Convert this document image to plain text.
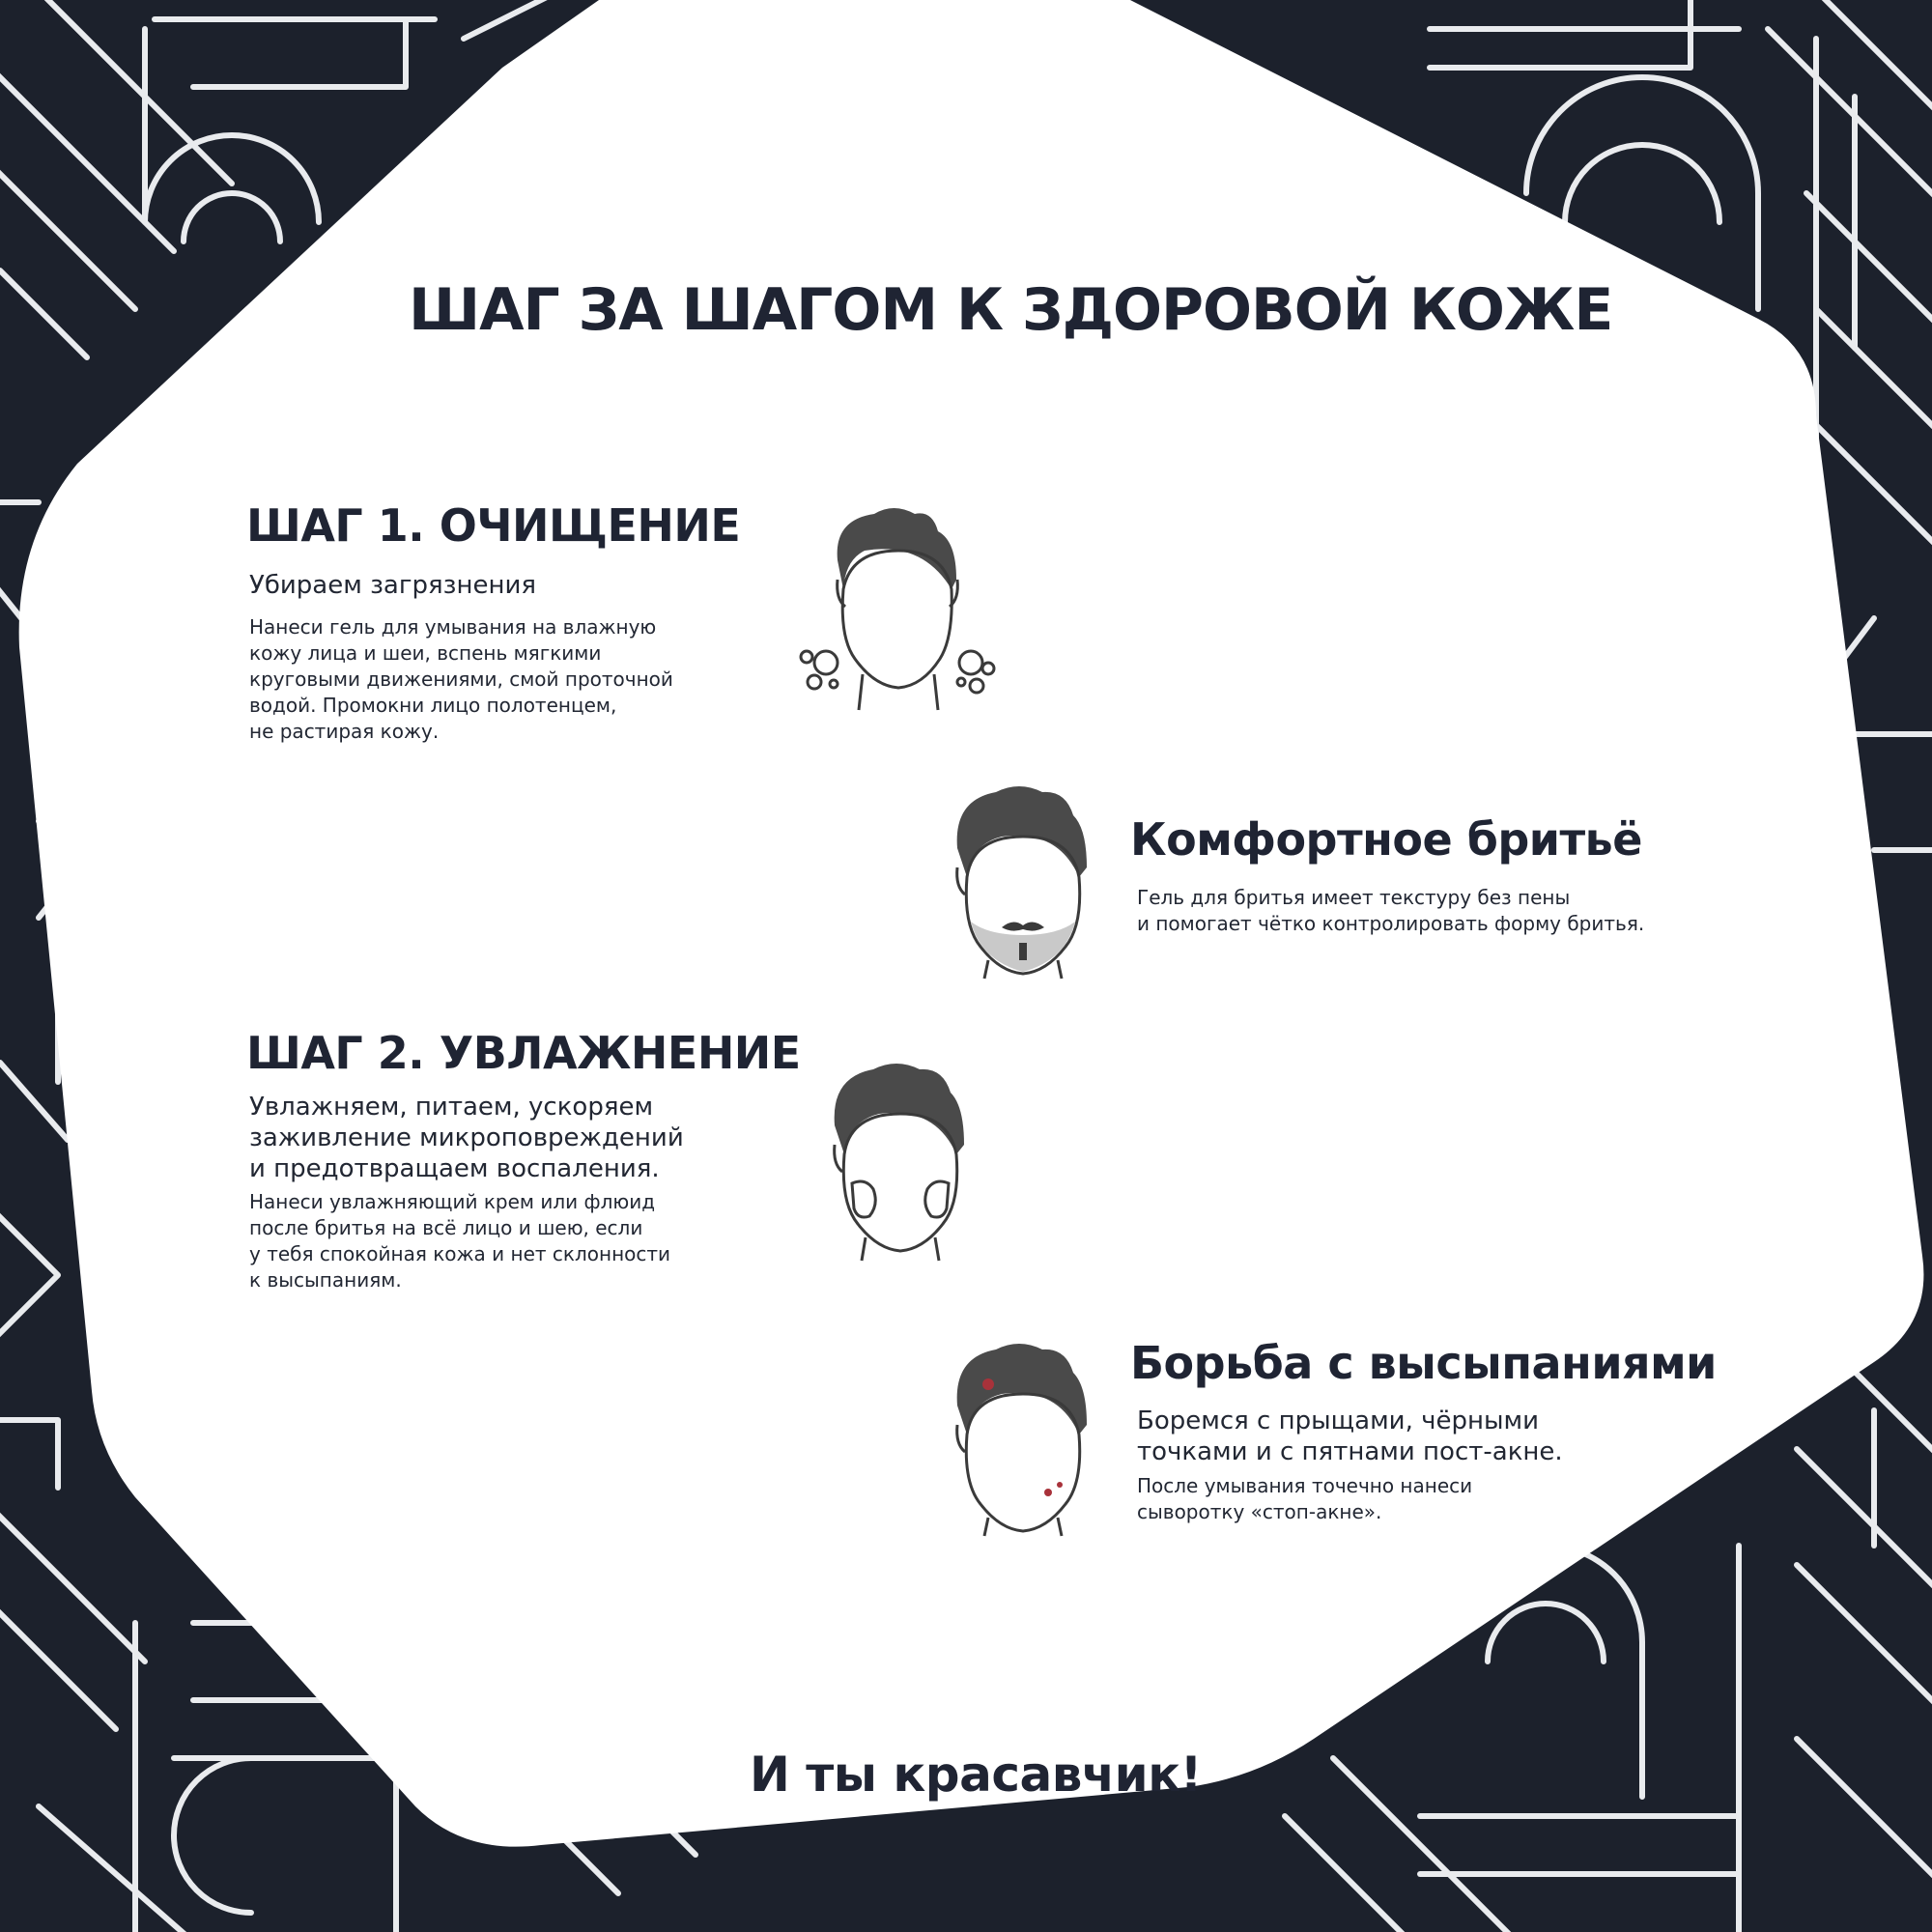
ШАГ ЗА ШАГОМ К ЗДОРОВОЙ КОЖЕ
ШАГ 1. ОЧИЩЕНИЕ

Убираем загрязнения

Нанеси гель для умывания на влажную
кожу лица и шеи, вспень мягкими
круговыми движениями, смой проточной
водой. Промокни лицо полотенцем,
не растирая кожу.
Комфортное бритьё
Гель для бритья имеет текстуру без пены
и помогает чётко контролировать форму бритья.
ШАГ 2. УВЛАЖНЕНИЕ
Увлажняем, питаем, ускоряем
заживление микроповреждений
и предотвращаем воспаления.
Нанеси увлажняющий крем или флюид
после бритья на всё лицо и шею, если
у тебя спокойная кожа и нет склонности
к высыпаниям.
Борьба с высыпаниями
Боремся с прыщами, чёрными
точками и с пятнами пост-акне.
После умывания точечно нанеси
сыворотку «стоп-акне».
И ты красавчик!
